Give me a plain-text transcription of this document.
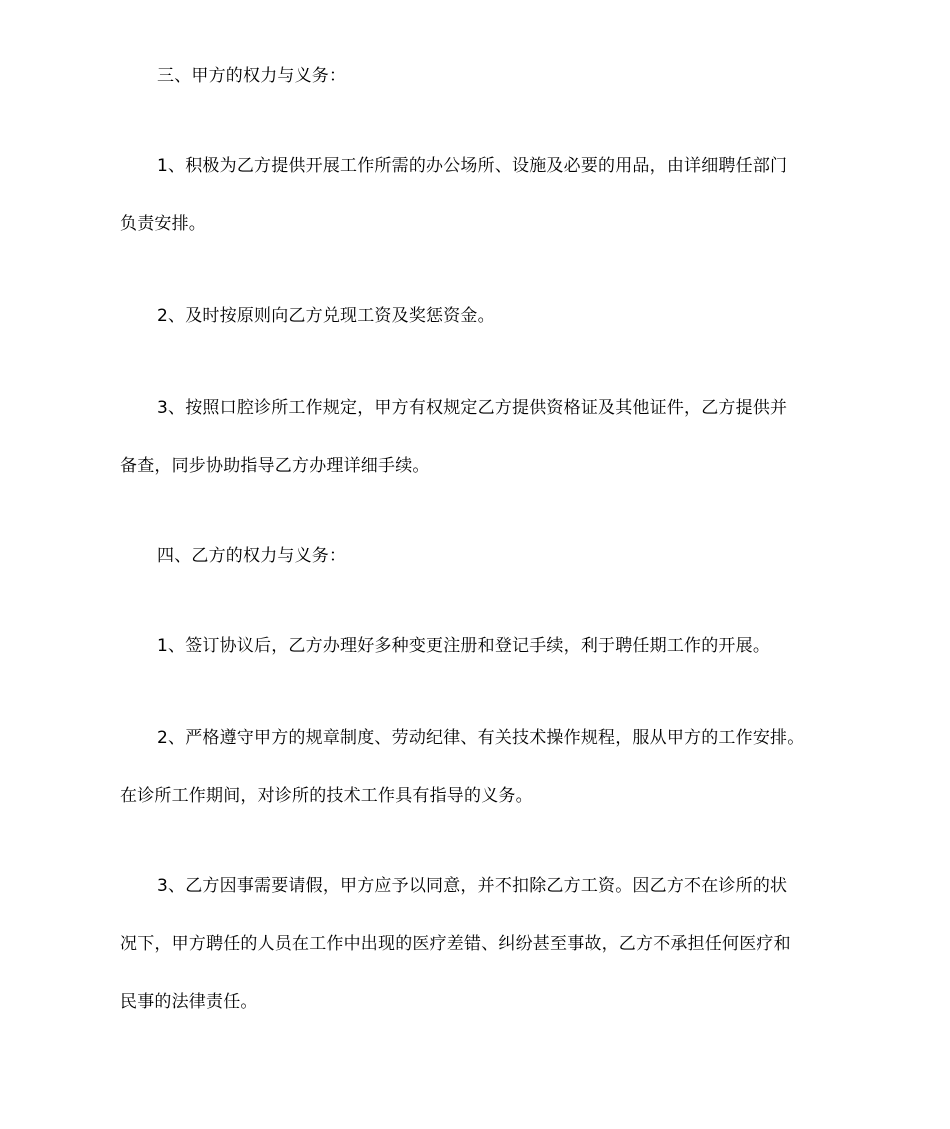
三、甲方的权力与义务：
1、积极为乙方提供开展工作所需的办公场所、设施及必要的用品，由详细聘任部门
负责安排。
2、及时按原则向乙方兑现工资及奖惩资金。
3、按照口腔诊所工作规定，甲方有权规定乙方提供资格证及其他证件，乙方提供并
备查，同步协助指导乙方办理详细手续。
四、乙方的权力与义务：
1、签订协议后，乙方办理好多种变更注册和登记手续，利于聘任期工作的开展。
2、严格遵守甲方的规章制度、劳动纪律、有关技术操作规程，服从甲方的工作安排。
在诊所工作期间，对诊所的技术工作具有指导的义务。
3、乙方因事需要请假，甲方应予以同意，并不扣除乙方工资。因乙方不在诊所的状
况下，甲方聘任的人员在工作中出现的医疗差错、纠纷甚至事故，乙方不承担任何医疗和
民事的法律责任。
